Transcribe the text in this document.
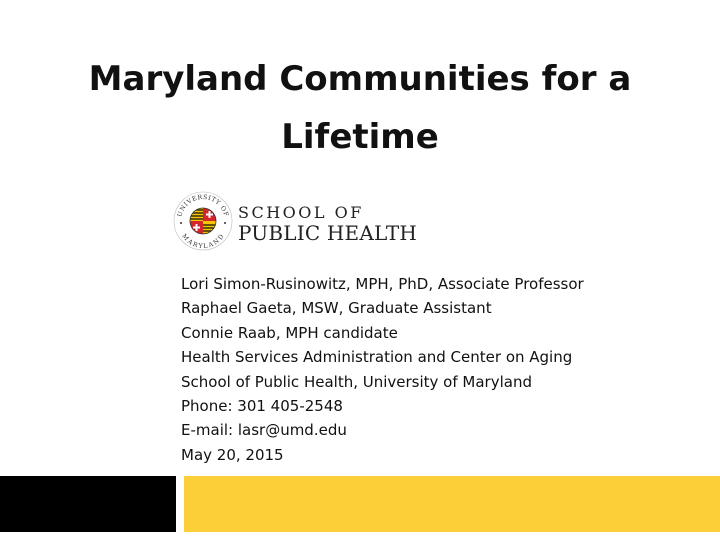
Maryland Communities for a
Lifetime
UNIVERSITY OF
MARYLAND
SCHOOL OF
PUBLIC HEALTH
Lori Simon-Rusinowitz, MPH, PhD, Associate Professor
Raphael Gaeta, MSW, Graduate Assistant
Connie Raab, MPH candidate
Health Services Administration and Center on Aging
School of Public Health, University of Maryland
Phone: 301 405-2548
E-mail: lasr@umd.edu
May 20, 2015
